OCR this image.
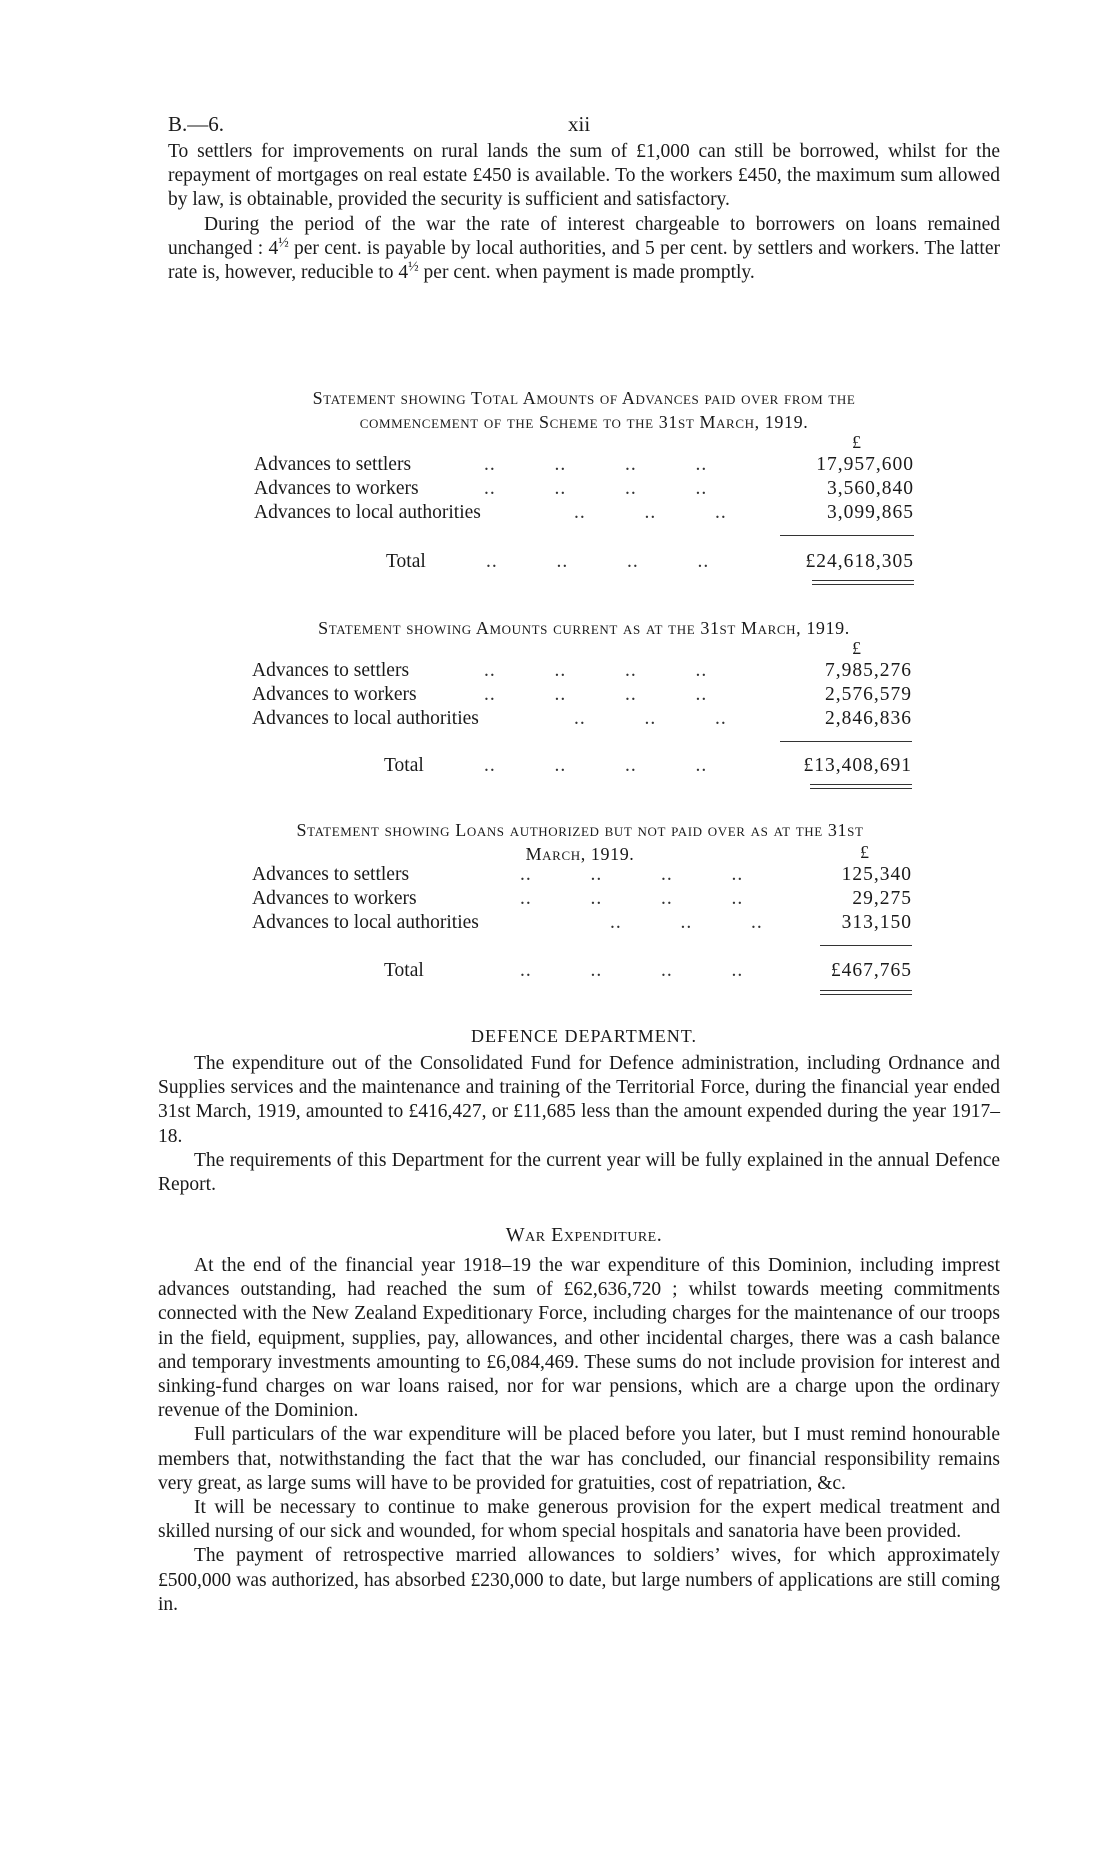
B.—6.	xii

To settlers for improvements on rural lands the sum of £1,000 can still be borrowed, whilst for the repayment of mortgages on real estate £450 is available. To the workers £450, the maximum sum allowed by law, is obtainable, provided the security is sufficient and satisfactory.

During the period of the war the rate of interest chargeable to borrowers on loans remained unchanged : $4^{\frac{1}{2}}$ per cent. is payable by local authorities, and 5 per cent. by settlers and workers. The latter rate is, however, reducible to $4^{\frac{1}{2}}$ per cent. when payment is made promptly.

Statement showing Total Amounts of Advances paid over from the
commencement of the Scheme to the 31st March, 1919.
£
Advances to settlers	..          ..          ..          ..	17,957,600
Advances to workers	..          ..          ..          ..	3,560,840
Advances to local authorities	..          ..          ..	3,099,865
Total	..          ..          ..          ..	£24,618,305
Statement showing Amounts current as at the 31st March, 1919.
£
Advances to settlers	..          ..          ..          ..	7,985,276
Advances to workers	..          ..          ..          ..	2,576,579
Advances to local authorities	..          ..          ..	2,846,836
Total	..          ..          ..          ..	£13,408,691
Statement showing Loans authorized but not paid over as at the 31st
March, 1919.	£
Advances to settlers	..          ..          ..          ..	125,340
Advances to workers	..          ..          ..          ..	29,275
Advances to local authorities	..          ..          ..	313,150
Total	..          ..          ..          ..	£467,765
DEFENCE DEPARTMENT.

The expenditure out of the Consolidated Fund for Defence administration, including Ordnance and Supplies services and the maintenance and training of the Territorial Force, during the financial year ended 31st March, 1919, amounted to £416,427, or £11,685 less than the amount expended during the year 1917–18.

The requirements of this Department for the current year will be fully explained in the annual Defence Report.

War Expenditure.

At the end of the financial year 1918–19 the war expenditure of this Dominion, including imprest advances outstanding, had reached the sum of £62,636,720 ; whilst towards meeting commitments connected with the New Zealand Expeditionary Force, including charges for the maintenance of our troops in the field, equipment, supplies, pay, allowances, and other incidental charges, there was a cash balance and temporary investments amounting to £6,084,469. These sums do not include provision for interest and sinking-fund charges on war loans raised, nor for war pensions, which are a charge upon the ordinary revenue of the Dominion.

Full particulars of the war expenditure will be placed before you later, but I must remind honourable members that, notwithstanding the fact that the war has concluded, our financial responsibility remains very great, as large sums will have to be provided for gratuities, cost of repatriation, &c.

It will be necessary to continue to make generous provision for the expert medical treatment and skilled nursing of our sick and wounded, for whom special hospitals and sanatoria have been provided.

The payment of retrospective married allowances to soldiers’ wives, for which approximately £500,000 was authorized, has absorbed £230,000 to date, but large numbers of applications are still coming in.
